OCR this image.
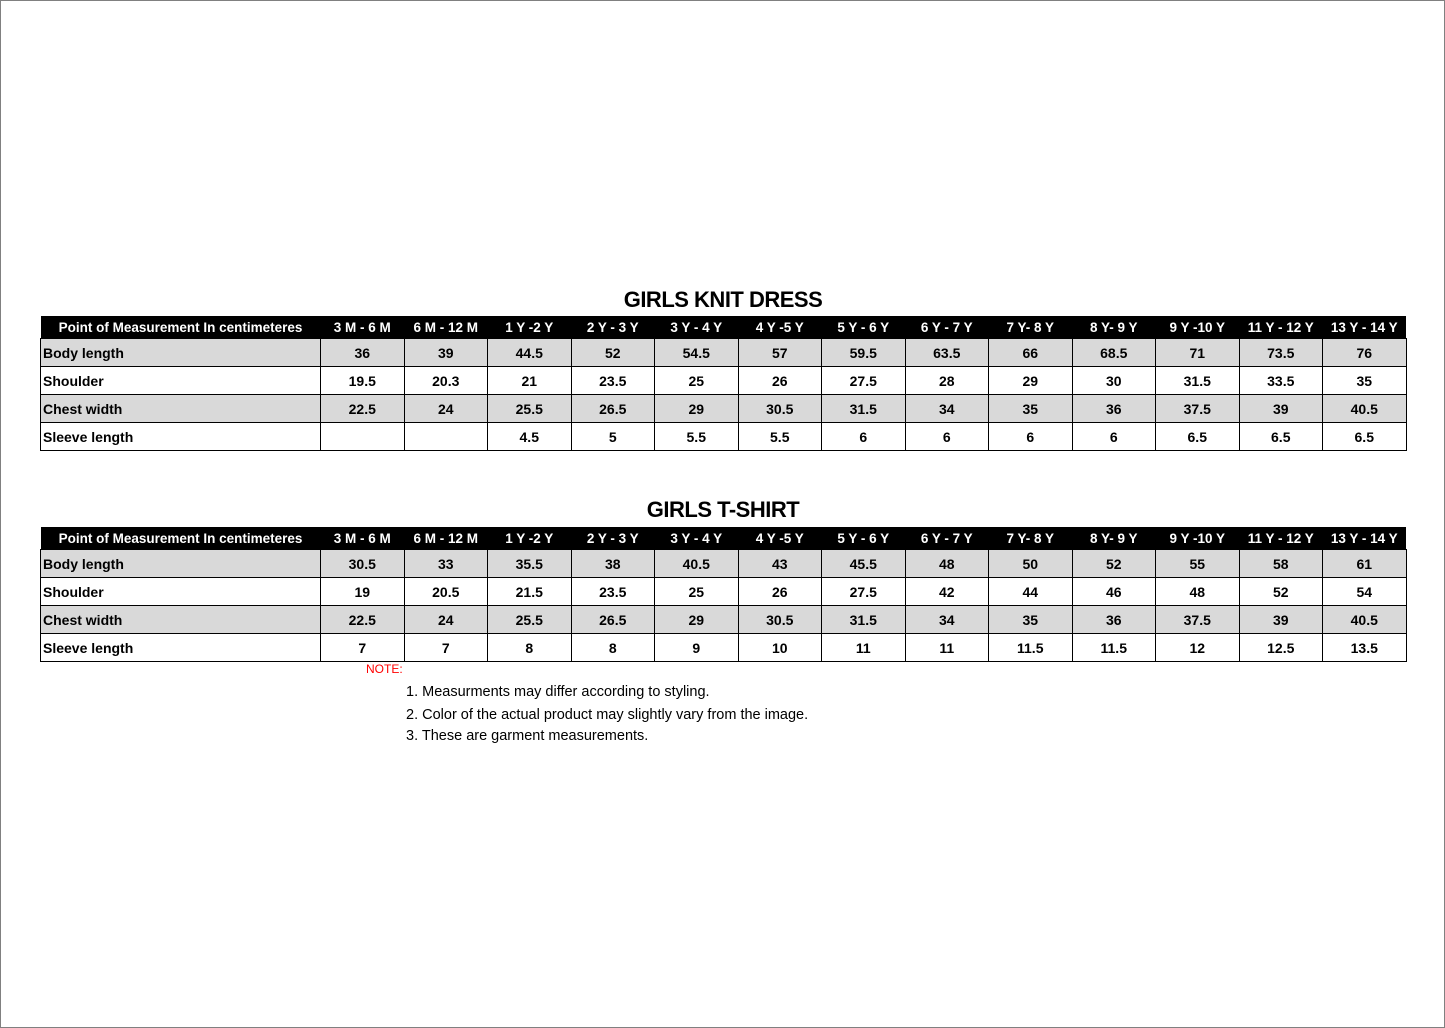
GIRLS KNIT DRESS
Point of Measurement In centimeteres	3 M - 6 M	6 M - 12 M	1 Y -2 Y	2 Y - 3 Y	3 Y - 4 Y	4 Y -5 Y	5 Y - 6 Y	6 Y - 7 Y	7 Y- 8 Y	8 Y- 9 Y	9 Y -10 Y	11 Y - 12 Y	13 Y - 14 Y
Body length	36	39	44.5	52	54.5	57	59.5	63.5	66	68.5	71	73.5	76
Shoulder	19.5	20.3	21	23.5	25	26	27.5	28	29	30	31.5	33.5	35
Chest width	22.5	24	25.5	26.5	29	30.5	31.5	34	35	36	37.5	39	40.5
Sleeve length			4.5	5	5.5	5.5	6	6	6	6	6.5	6.5	6.5
GIRLS T-SHIRT
Point of Measurement In centimeteres	3 M - 6 M	6 M - 12 M	1 Y -2 Y	2 Y - 3 Y	3 Y - 4 Y	4 Y -5 Y	5 Y - 6 Y	6 Y - 7 Y	7 Y- 8 Y	8 Y- 9 Y	9 Y -10 Y	11 Y - 12 Y	13 Y - 14 Y
Body length	30.5	33	35.5	38	40.5	43	45.5	48	50	52	55	58	61
Shoulder	19	20.5	21.5	23.5	25	26	27.5	42	44	46	48	52	54
Chest width	22.5	24	25.5	26.5	29	30.5	31.5	34	35	36	37.5	39	40.5
Sleeve length	7	7	8	8	9	10	11	11	11.5	11.5	12	12.5	13.5
NOTE:
1. Measurments may differ according to styling.
2. Color of the actual product may slightly vary from the image.
3. These are garment measurements.
